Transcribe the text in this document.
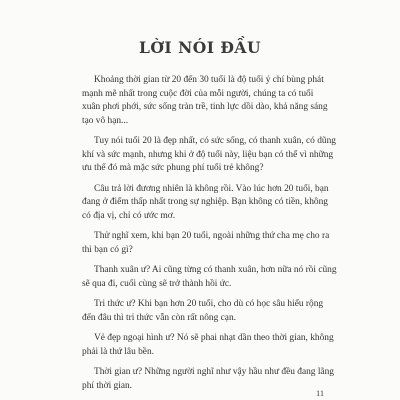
LỜI NÓI ĐẦU

Khoảng thời gian từ 20 đến 30 tuổi là độ tuổi ý chí bùng phát
mạnh mẽ nhất trong cuộc đời của mỗi người, chúng ta có tuổi
xuân phơi phới, sức sống tràn trề, tinh lực dồi dào, khả năng sáng
tạo vô hạn...

Tuy nói tuổi 20 là đẹp nhất, có sức sống, có thanh xuân, có dũng
khí và sức mạnh, nhưng khi ở độ tuổi này, liệu bạn có thể vì những
ưu thế đó mà mặc sức phung phí tuổi trẻ không?

Câu trả lời đương nhiên là không rồi. Vào lúc hơn 20 tuổi, bạn
đang ở điểm thấp nhất trong sự nghiệp. Bạn không có tiền, không
có địa vị, chỉ có ước mơ.

Thử nghĩ xem, khi bạn 20 tuổi, ngoài những thứ cha mẹ cho ra
thì bạn có gì?

Thanh xuân ư? Ai cũng từng có thanh xuân, hơn nữa nó rồi cũng
sẽ qua đi, cuối cùng sẽ trở thành hồi ức.

Tri thức ư? Khi bạn hơn 20 tuổi, cho dù có học sâu hiểu rộng
đến đâu thì tri thức vẫn còn rất nông cạn.

Vẻ đẹp ngoại hình ư? Nó sẽ phai nhạt dần theo thời gian, không
phải là thứ lâu bền.

Thời gian ư? Những người nghĩ như vậy hầu như đều đang lãng
phí thời gian.

11
